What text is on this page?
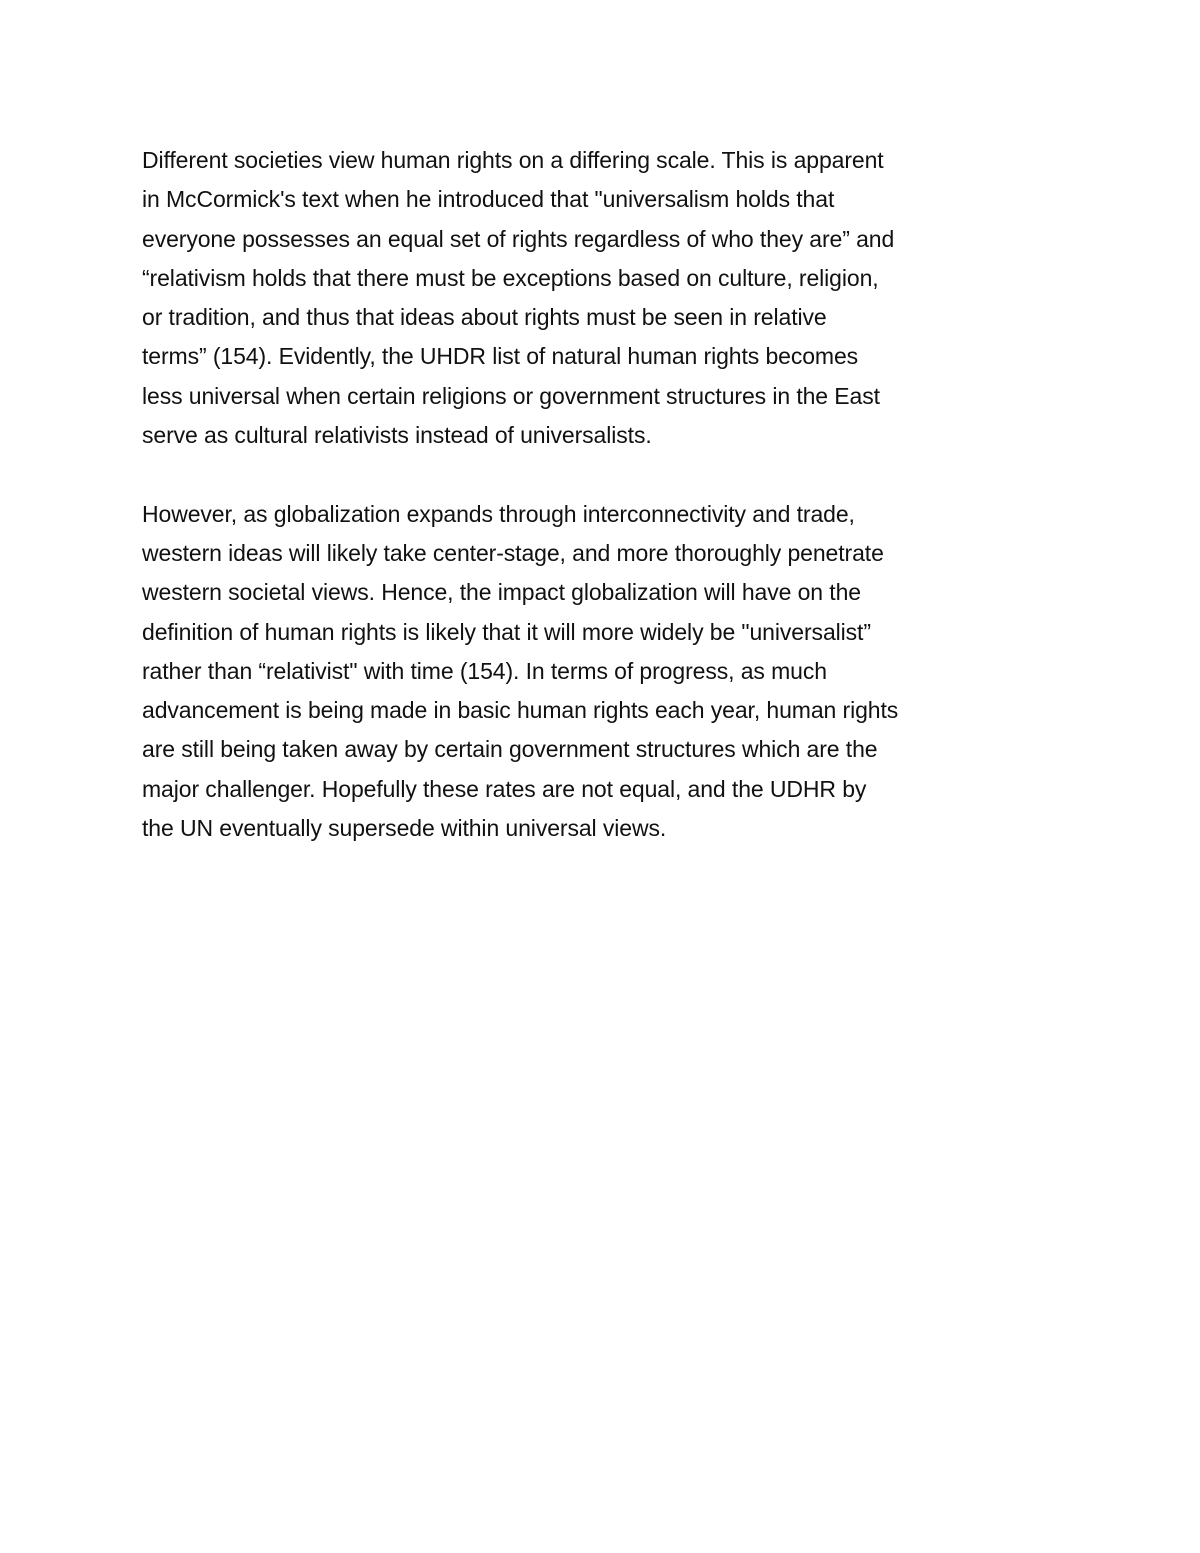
Different societies view human rights on a differing scale. This is apparent
in McCormick's text when he introduced that "universalism holds that
everyone possesses an equal set of rights regardless of who they are” and
“relativism holds that there must be exceptions based on culture, religion,
or tradition, and thus that ideas about rights must be seen in relative
terms” (154). Evidently, the UHDR list of natural human rights becomes
less universal when certain religions or government structures in the East
serve as cultural relativists instead of universalists.

However, as globalization expands through interconnectivity and trade,
western ideas will likely take center-stage, and more thoroughly penetrate
western societal views. Hence, the impact globalization will have on the
definition of human rights is likely that it will more widely be "universalist”
rather than “relativist" with time (154). In terms of progress, as much
advancement is being made in basic human rights each year, human rights
are still being taken away by certain government structures which are the
major challenger. Hopefully these rates are not equal, and the UDHR by
the UN eventually supersede within universal views.
